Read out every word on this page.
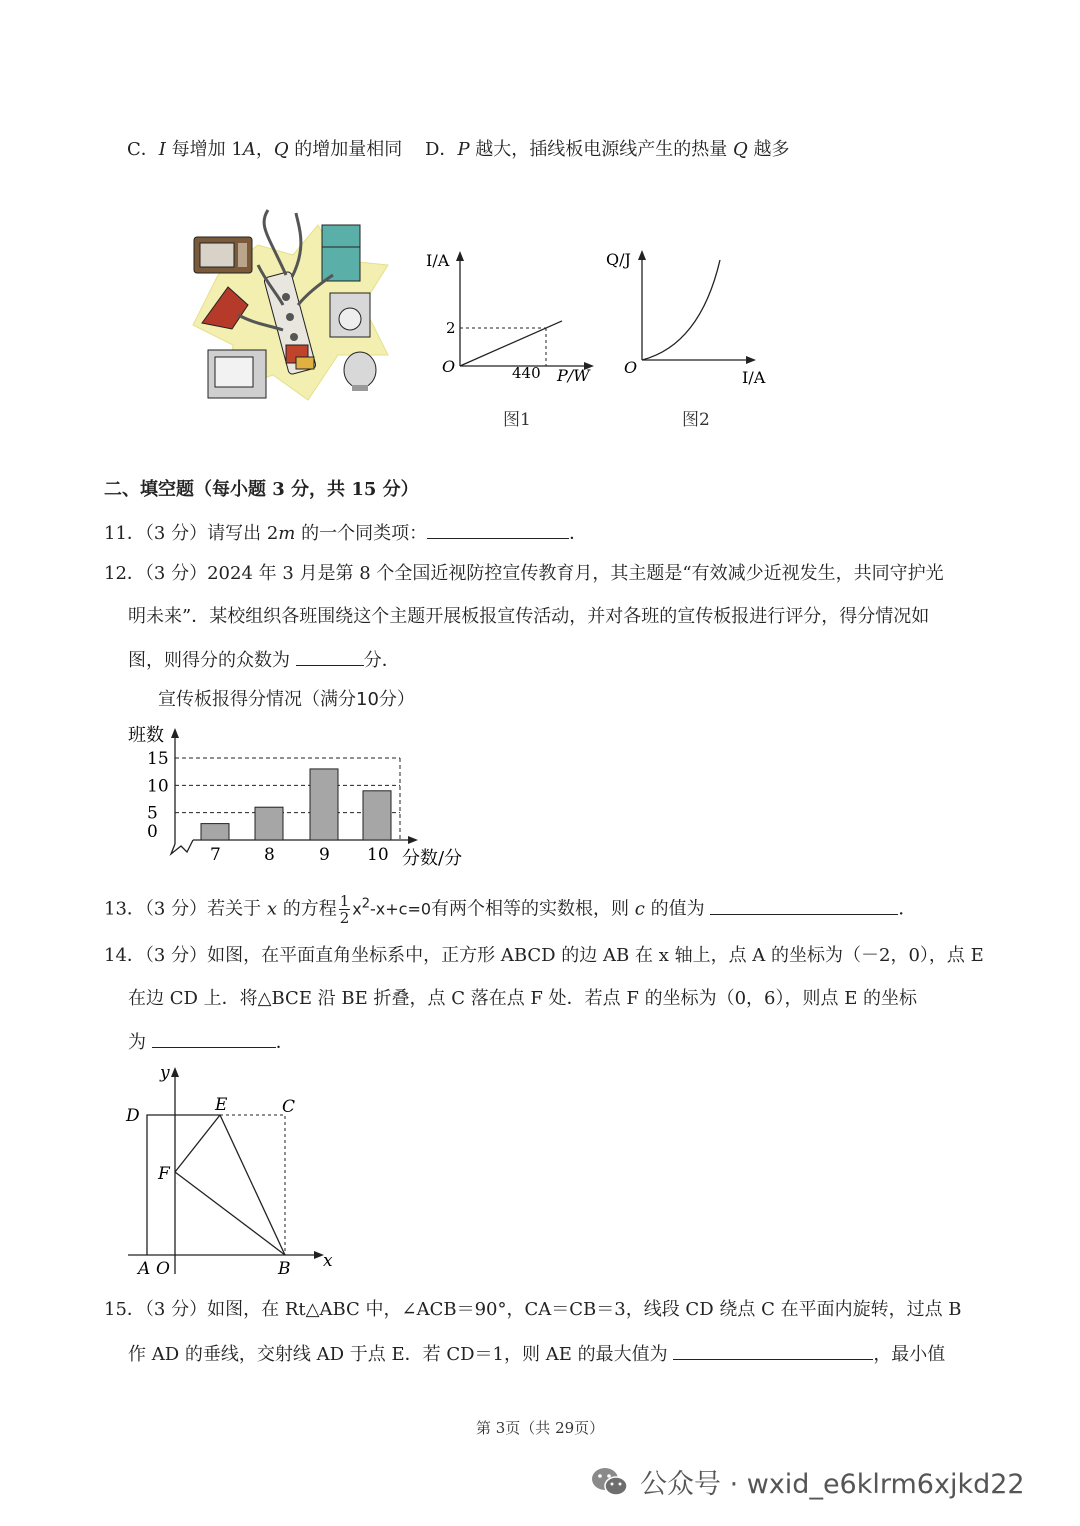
C．I 每增加 1A，Q 的增加量相同 D．P 越大，插线板电源线产生的热量 Q 越多
I/A
P/W
O
2
440
图1
Q/J
O
I/A
图2
二、填空题（每小题 3 分，共 15 分）
11．（3 分）请写出 2m 的一个同类项：	．
12．（3 分）2024 年 3 月是第 8 个全国近视防控宣传教育月，其主题是“有效减少近视发生，共同守护光
明未来”．某校组织各班围绕这个主题开展板报宣传活动，并对各班的宣传板报进行评分，得分情况如
图，则得分的众数为	分．
宣传板报得分情况（满分10分）
班数
分数/分
15
10
5
0
7	8	9 10
13．（3 分）若关于 x 的方程 $\frac{1}{2} x^2-x+c=0$有两个相等的实数根，则 c 的值为	．
14．（3 分）如图，在平面直角坐标系中，正方形 ABCD 的边 AB 在 x 轴上，点 A 的坐标为（－2，0），点 E
在边 CD 上．将△BCE 沿 BE 折叠，点 C 落在点 F 处．若点 F 的坐标为（0，6），则点 E 的坐标
为	．
y
x
D
E	C
F
A O	B
15．（3 分）如图，在 Rt△ABC 中，∠ACB＝90°，CA＝CB＝3，线段 CD 绕点 C 在平面内旋转，过点 B
作 AD 的垂线，交射线 AD 于点 E．若 CD＝1，则 AE 的最大值为	，最小值
第 3页（共 29页）
公众号 · wxid_e6klrm6xjkd22
